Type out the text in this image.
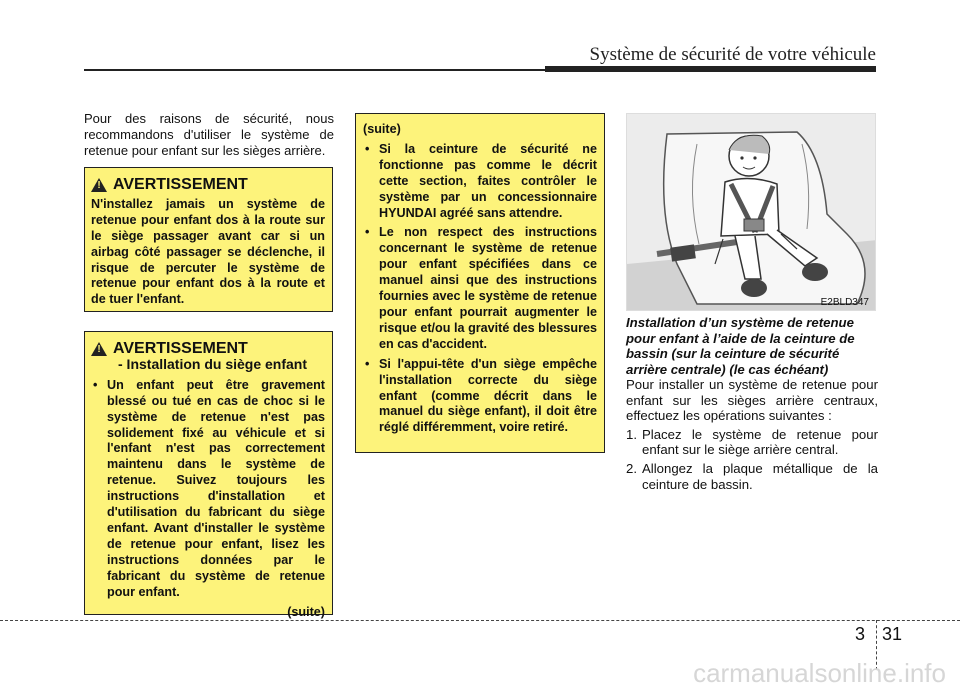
Système de sécurité de votre véhicule
Pour des raisons de sécurité, nous recommandons d'utiliser le système de retenue pour enfant sur les sièges arrière.
! AVERTISSEMENT
N'installez jamais un système de retenue pour enfant dos à la route sur le siège passager avant car si un airbag côté passager se déclenche, il risque de percuter le système de retenue pour enfant dos à la route et de tuer l'enfant.
! AVERTISSEMENT
- Installation du siège enfant
• Un enfant peut être gravement blessé ou tué en cas de choc si le système de retenue n'est pas solidement fixé au véhicule et si l'enfant n'est pas correctement maintenu dans le système de retenue. Suivez toujours les instructions d'installation et d'utilisation du fabricant du siège enfant. Avant d'installer le système de retenue pour enfant, lisez les instructions données par le fabricant du système de retenue pour enfant.
(suite)
(suite)
• Si la ceinture de sécurité ne fonctionne pas comme le décrit cette section, faites contrôler le système par un concessionnaire HYUNDAI agréé sans attendre.
• Le non respect des instructions concernant le système de retenue pour enfant spécifiées dans ce manuel ainsi que des instructions fournies avec le système de retenue pour enfant pourrait augmenter le risque et/ou la gravité des blessures en cas d'accident.
• Si l'appui-tête d'un siège empêche l'installation correcte du siège enfant (comme décrit dans le manuel du siège enfant), il doit être réglé différemment, voire retiré.
E2BLD347
Installation d’un système de retenue pour enfant à l’aide de la ceinture de bassin (sur la ceinture de sécurité arrière centrale) (le cas échéant)
Pour installer un système de retenue pour enfant sur les sièges arrière centraux, effectuez les opérations suivantes :
1. Placez le système de retenue pour enfant sur le siège arrière central.
2. Allongez la plaque métallique de la ceinture de bassin.
3 31
carmanualsonline.info
